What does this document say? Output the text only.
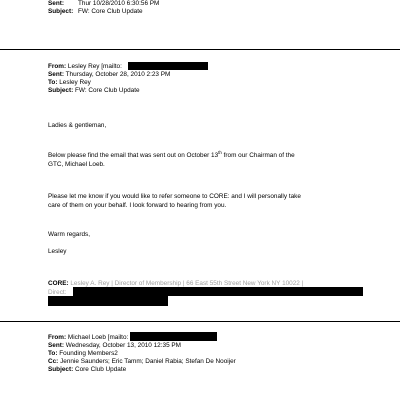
Sent: Thur 10/28/2010 6:30:56 PM
Subject: FW: Core Club Update
From: Lesley Rey [mailto:
Sent: Thursday, October 28, 2010 2:23 PM
To: Lesley Rey
Subject: FW: Core Club Update
Ladies & gentleman,
Below please find the email that was sent out on October 13th from our Chairman of the
GTC, Michael Loeb.
Please let me know if you would like to refer someone to CORE: and I will personally take
care of them on your behalf. I look forward to hearing from you.
Warm regards,
Lesley
CORE: Lesley A. Rey | Director of Membership | 66 East 55th Street New York NY 10022 |
Direct:
From: Michael Loeb [mailto:
Sent: Wednesday, October 13, 2010 12:35 PM
To: Founding Members2
Cc: Jennie Saunders; Eric Tamm; Daniel Rabia; Stefan De Nooijer
Subject: Core Club Update
